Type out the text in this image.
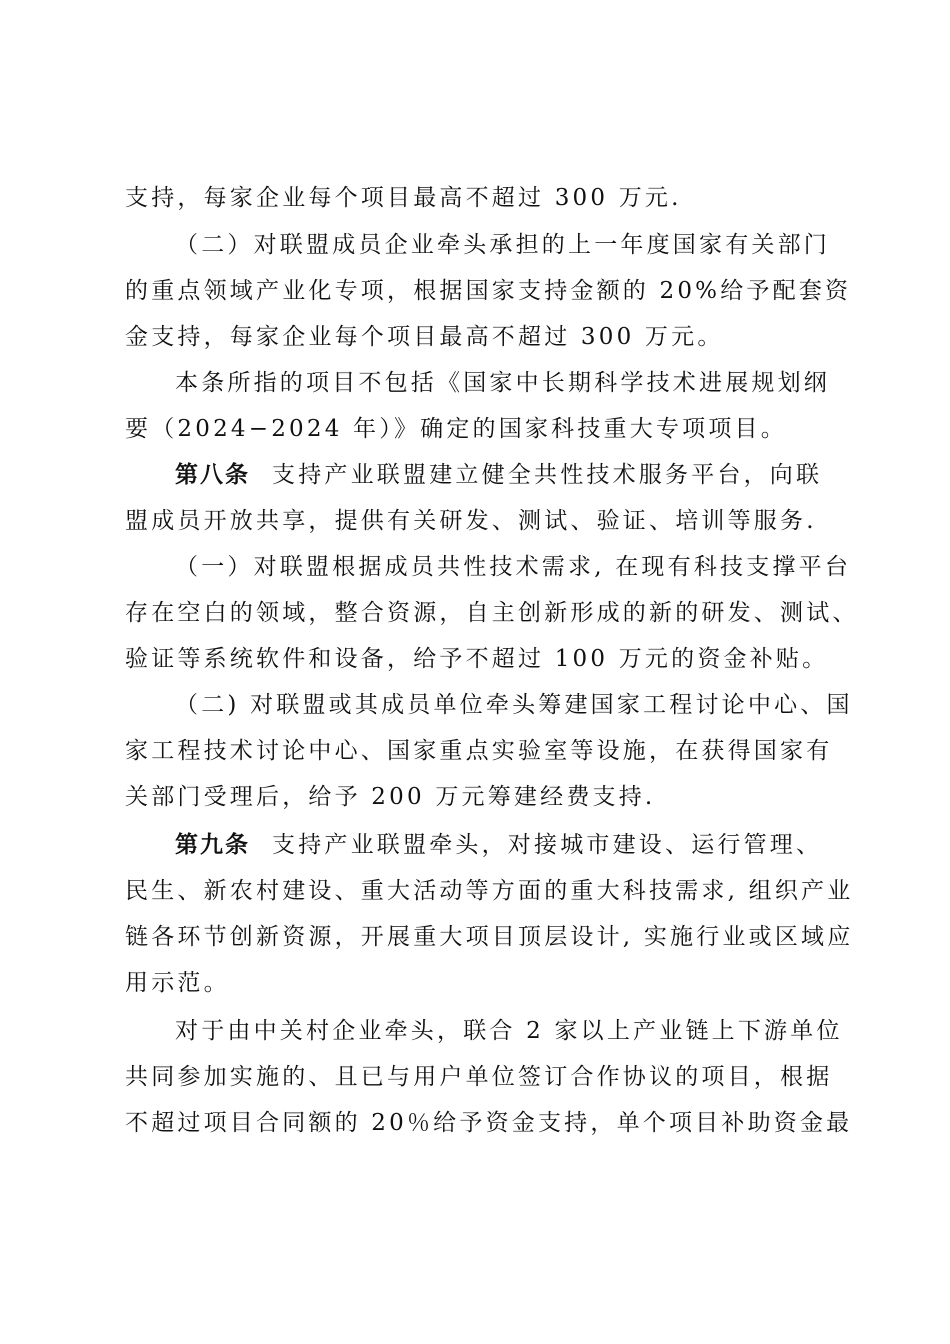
支持，每家企业每个项目最高不超过 300 万元.
（二）对联盟成员企业牵头承担的上一年度国家有关部门
的重点领域产业化专项，根据国家支持金额的 20%给予配套资
金支持，每家企业每个项目最高不超过 300 万元。
本条所指的项目不包括《国家中长期科学技术进展规划纲
要（2024−2024 年）》确定的国家科技重大专项项目。
第八条 支持产业联盟建立健全共性技术服务平台，向联
盟成员开放共享，提供有关研发、测试、验证、培训等服务.
（一）对联盟根据成员共性技术需求, 在现有科技支撑平台
存在空白的领域，整合资源，自主创新形成的新的研发、测试、
验证等系统软件和设备，给予不超过 100 万元的资金补贴。
（二) 对联盟或其成员单位牵头筹建国家工程讨论中心、国
家工程技术讨论中心、国家重点实验室等设施，在获得国家有
关部门受理后，给予 200 万元筹建经费支持.
第九条 支持产业联盟牵头，对接城市建设、运行管理、
民生、新农村建设、重大活动等方面的重大科技需求, 组织产业
链各环节创新资源，开展重大项目顶层设计, 实施行业或区域应
用示范。
对于由中关村企业牵头，联合 2 家以上产业链上下游单位
共同参加实施的、且已与用户单位签订合作协议的项目，根据
不超过项目合同额的 20％给予资金支持，单个项目补助资金最
